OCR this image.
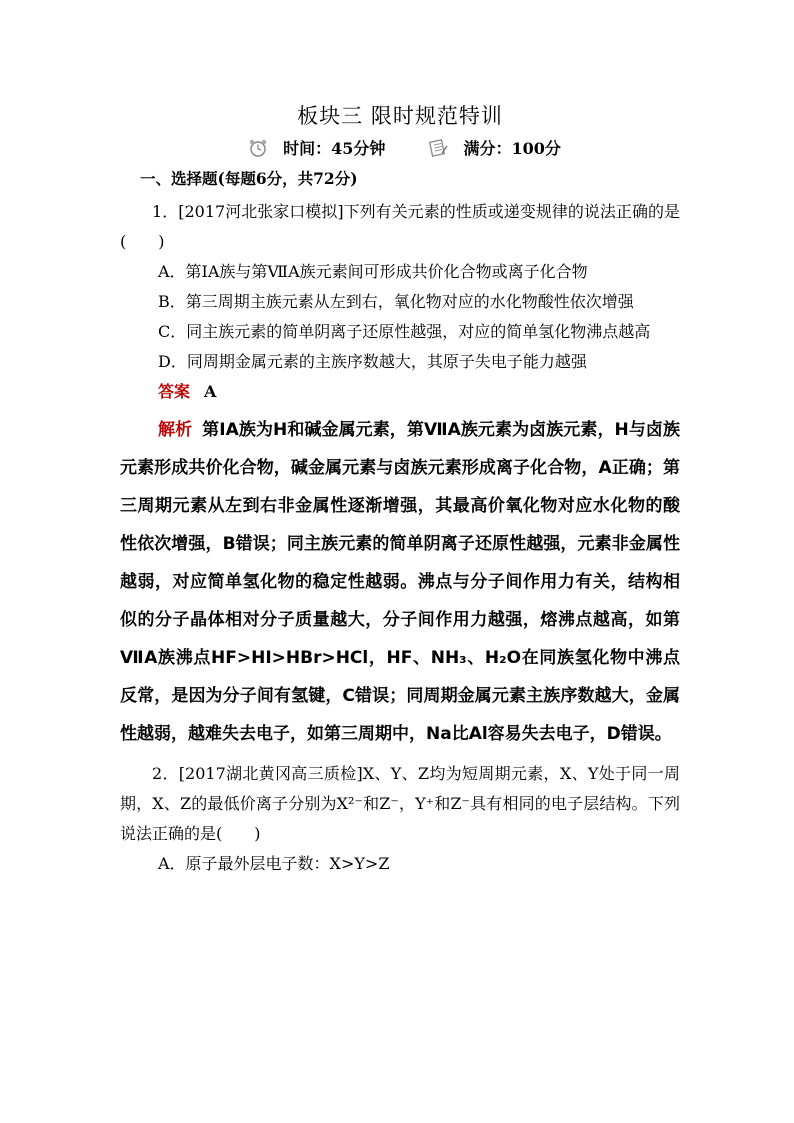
板块三 限时规范特训
时间：45分钟	满分：100分
一、选择题(每题6分，共72分)

1．[2017河北张家口模拟]下列有关元素的性质或递变规律的说法正确的是(　　)

A．第ⅠA族与第ⅦA族元素间可形成共价化合物或离子化合物

B．第三周期主族元素从左到右，氧化物对应的水化物酸性依次增强

C．同主族元素的简单阴离子还原性越强，对应的简单氢化物沸点越高

D．同周期金属元素的主族序数越大，其原子失电子能力越强

答案 A

解析 第ⅠA族为H和碱金属元素，第ⅦA族元素为卤族元素，H与卤族元素形成共价化合物，碱金属元素与卤族元素形成离子化合物，A正确；第三周期元素从左到右非金属性逐渐增强，其最高价氧化物对应水化物的酸性依次增强，B错误；同主族元素的简单阴离子还原性越强，元素非金属性越弱，对应简单氢化物的稳定性越弱。沸点与分子间作用力有关，结构相似的分子晶体相对分子质量越大，分子间作用力越强，熔沸点越高，如第ⅦA族沸点HF>HI>HBr>HCl，HF、NH₃、H₂O在同族氢化物中沸点反常，是因为分子间有氢键，C错误；同周期金属元素主族序数越大，金属性越弱，越难失去电子，如第三周期中，Na比Al容易失去电子，D错误。

2．[2017湖北黄冈高三质检]X、Y、Z均为短周期元素，X、Y处于同一周期，X、Z的最低价离子分别为X²⁻和Z⁻，Y⁺和Z⁻具有相同的电子层结构。下列说法正确的是(　　)

A．原子最外层电子数：X>Y>Z
